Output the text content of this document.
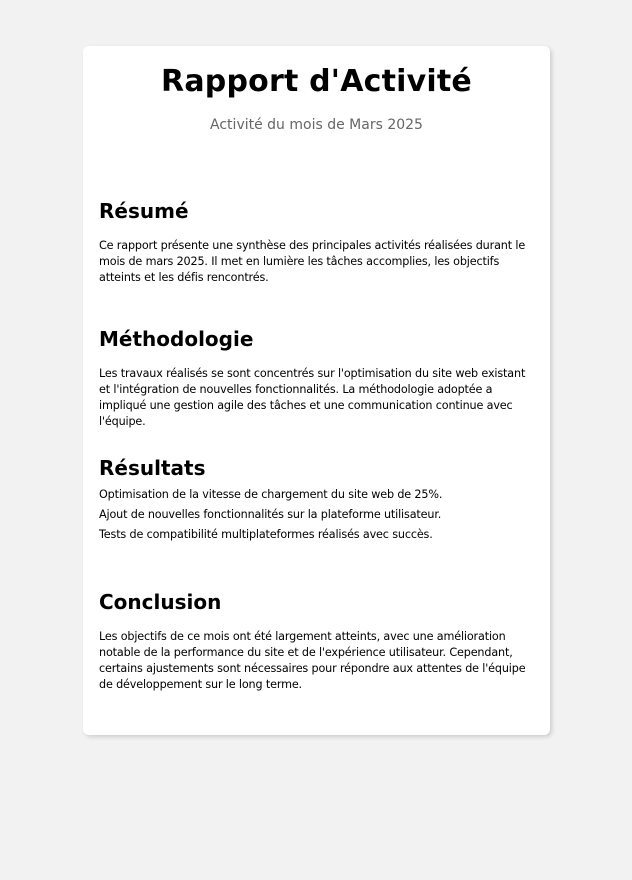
Rapport d'Activité
Activité du mois de Mars 2025
Résumé

Ce rapport présente une synthèse des principales activités réalisées durant le mois de mars 2025. Il met en lumière les tâches accomplies, les objectifs atteints et les défis rencontrés.

Méthodologie

Les travaux réalisés se sont concentrés sur l'optimisation du site web existant et l'intégration de nouvelles fonctionnalités. La méthodologie adoptée a impliqué une gestion agile des tâches et une communication continue avec l'équipe.

Résultats
Optimisation de la vitesse de chargement du site web de 25%.
Ajout de nouvelles fonctionnalités sur la plateforme utilisateur.
Tests de compatibilité multiplateformes réalisés avec succès.
Conclusion

Les objectifs de ce mois ont été largement atteints, avec une amélioration notable de la performance du site et de l'expérience utilisateur. Cependant, certains ajustements sont nécessaires pour répondre aux attentes de l'équipe de développement sur le long terme.
